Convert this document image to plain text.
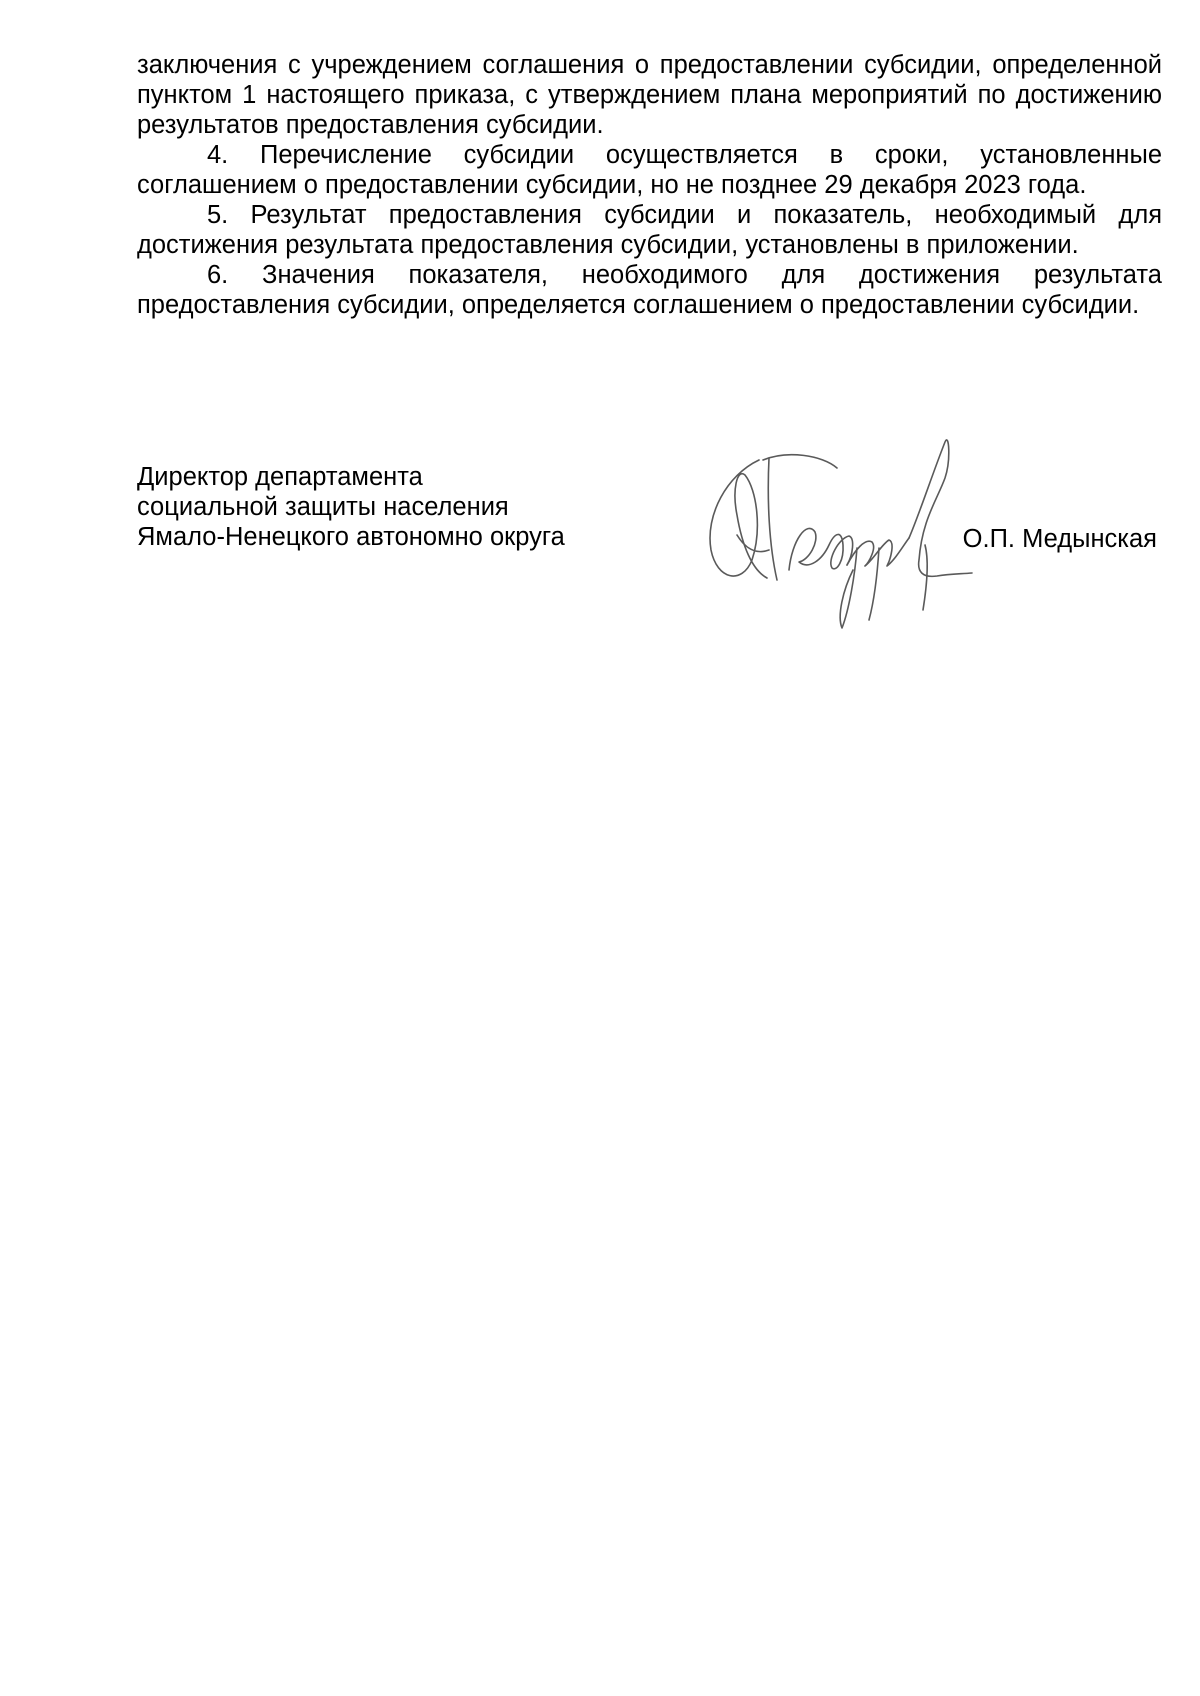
заключения с учреждением соглашения о предоставлении субсидии, определенной пунктом 1 настоящего приказа, с утверждением плана мероприятий по достижению результатов предоставления субсидии.

4. Перечисление субсидии осуществляется в сроки, установленные соглашением о предоставлении субсидии, но не позднее 29 декабря 2023 года.

5. Результат предоставления субсидии и показатель, необходимый для достижения результата предоставления субсидии, установлены в приложении.

6. Значения показателя, необходимого для достижения результата предоставления субсидии, определяется соглашением о предоставлении субсидии.

Директор департамента
социальной защиты населения
Ямало-Ненецкого автономно округа	О.П. Медынская
